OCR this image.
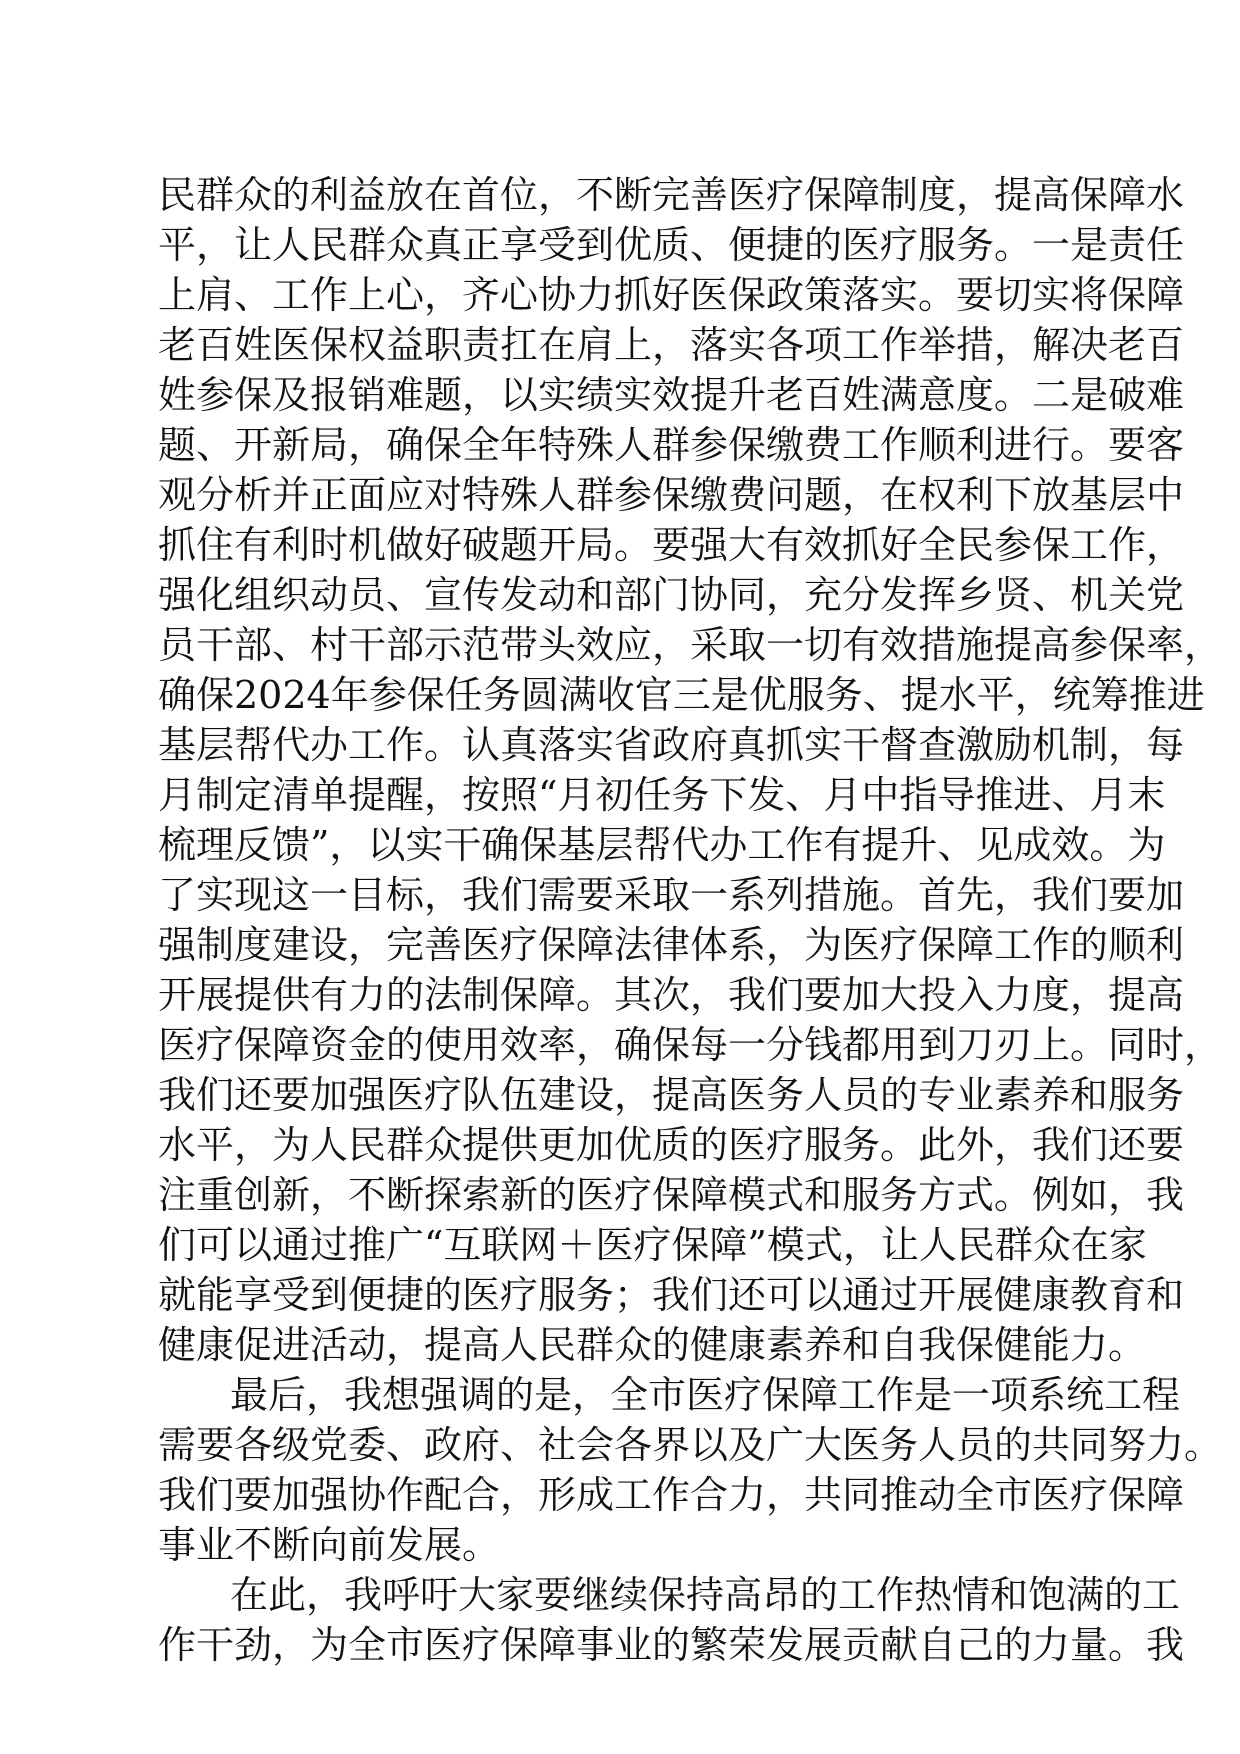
民群众的利益放在首位，不断完善医疗保障制度，提高保障水
平，让人民群众真正享受到优质、便捷的医疗服务。一是责任
上肩、工作上心，齐心协力抓好医保政策落实。要切实将保障
老百姓医保权益职责扛在肩上，落实各项工作举措，解决老百
姓参保及报销难题，以实绩实效提升老百姓满意度。二是破难
题、开新局，确保全年特殊人群参保缴费工作顺利进行。要客
观分析并正面应对特殊人群参保缴费问题，在权利下放基层中
抓住有利时机做好破题开局。要强大有效抓好全民参保工作，
强化组织动员、宣传发动和部门协同，充分发挥乡贤、机关党
员干部、村干部示范带头效应，采取一切有效措施提高参保率，
确保2024年参保任务圆满收官三是优服务、提水平，统筹推进
基层帮代办工作。认真落实省政府真抓实干督查激励机制，每
月制定清单提醒，按照“月初任务下发、月中指导推进、月末
梳理反馈”，以实干确保基层帮代办工作有提升、见成效。为
了实现这一目标，我们需要采取一系列措施。首先，我们要加
强制度建设，完善医疗保障法律体系，为医疗保障工作的顺利
开展提供有力的法制保障。其次，我们要加大投入力度，提高
医疗保障资金的使用效率，确保每一分钱都用到刀刃上。同时，
我们还要加强医疗队伍建设，提高医务人员的专业素养和服务
水平，为人民群众提供更加优质的医疗服务。此外，我们还要
注重创新，不断探索新的医疗保障模式和服务方式。例如，我
们可以通过推广“互联网＋医疗保障”模式，让人民群众在家
就能享受到便捷的医疗服务；我们还可以通过开展健康教育和
健康促进活动，提高人民群众的健康素养和自我保健能力。
最后，我想强调的是，全市医疗保障工作是一项系统工程
需要各级党委、政府、社会各界以及广大医务人员的共同努力。
我们要加强协作配合，形成工作合力，共同推动全市医疗保障
事业不断向前发展。
在此，我呼吁大家要继续保持高昂的工作热情和饱满的工
作干劲，为全市医疗保障事业的繁荣发展贡献自己的力量。我
